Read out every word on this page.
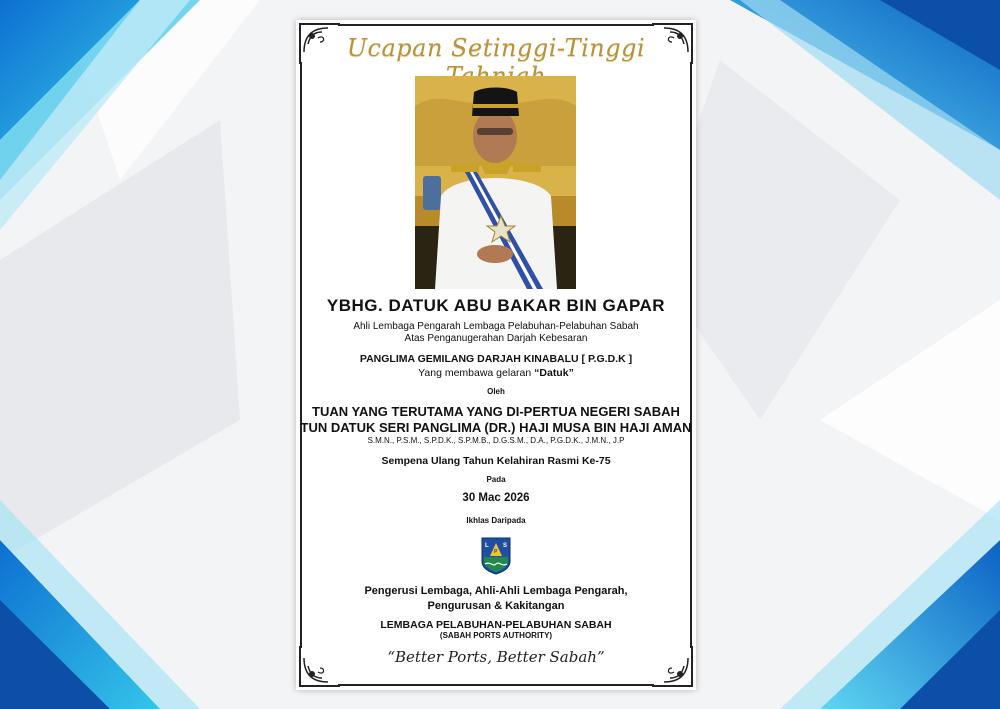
Ucapan Setinggi-Tinggi
YBHG. DATUK ABU BAKAR BIN GAPAR
Ahli Lembaga Pengarah Lembaga Pelabuhan-Pelabuhan Sabah
Atas Penganugerahan Darjah Kebesaran
PANGLIMA GEMILANG DARJAH KINABALU [ P.G.D.K ]
Yang membawa gelaran “Datuk”
Oleh
TUAN YANG TERUTAMA YANG DI-PERTUA NEGERI SABAH
TUN DATUK SERI PANGLIMA (DR.) HAJI MUSA BIN HAJI AMAN
S.M.N., P.S.M., S.P.D.K., S.P.M.B., D.G.S.M., D.A., P.G.D.K., J.M.N., J.P
Sempena Ulang Tahun Kelahiran Rasmi Ke-75
Pada
30 Mac 2026
Ikhlas Daripada
L S
P
Pengerusi Lembaga, Ahli-Ahli Lembaga Pengarah,
Pengurusan & Kakitangan
LEMBAGA PELABUHAN-PELABUHAN SABAH
(SABAH PORTS AUTHORITY)
“Better Ports, Better Sabah”
